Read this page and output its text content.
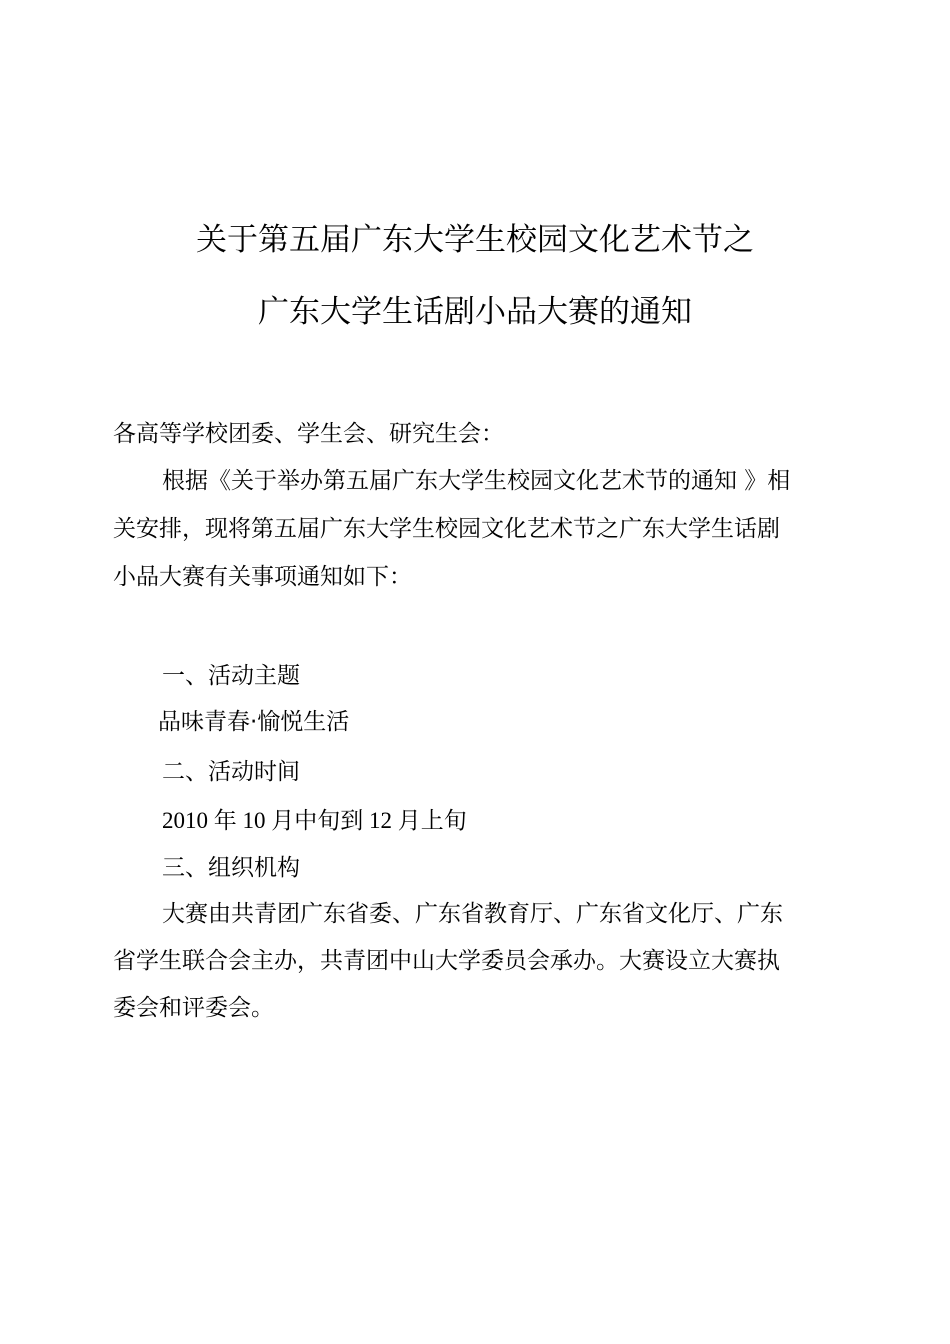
关于第五届广东大学生校园文化艺术节之
广东大学生话剧小品大赛的通知
各高等学校团委、学生会、研究生会：
根据《关于举办第五届广东大学生校园文化艺术节的通知 》相
关安排，现将第五届广东大学生校园文化艺术节之广东大学生话剧
小品大赛有关事项通知如下：
一、活动主题
品味青春·愉悦生活
二、活动时间
2010 年 10 月中旬到 12 月上旬
三、组织机构
大赛由共青团广东省委、广东省教育厅、广东省文化厅、广东
省学生联合会主办，共青团中山大学委员会承办。大赛设立大赛执
委会和评委会。
